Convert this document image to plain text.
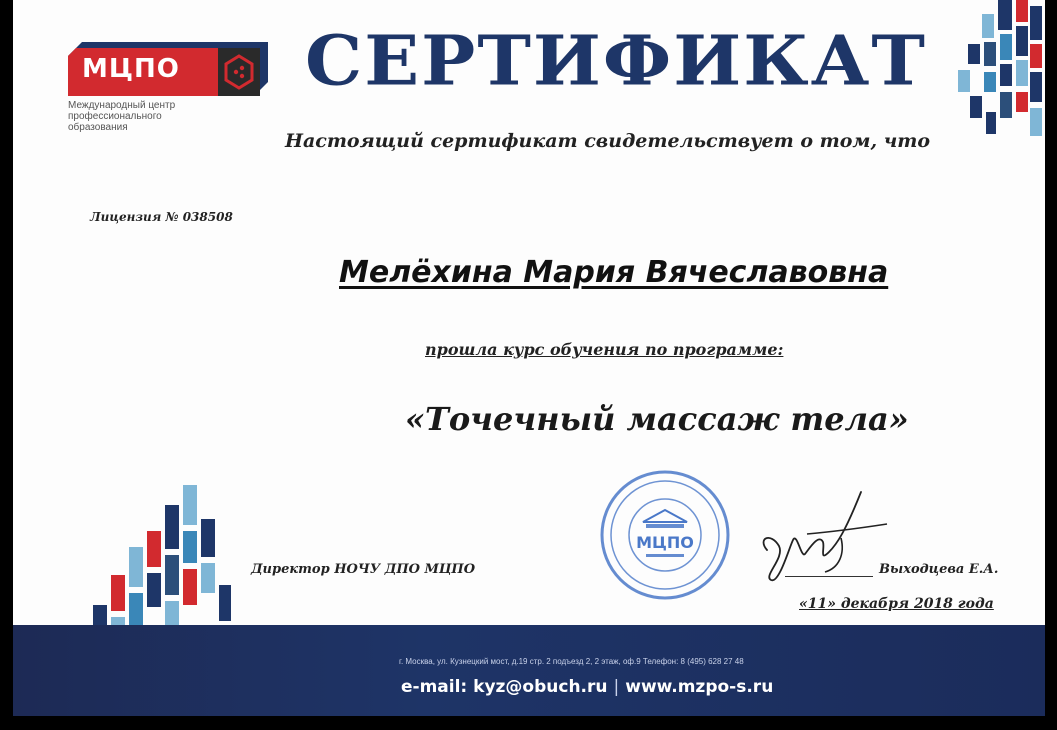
МЦПО
Международный центр
профессионального
образования
СЕРТИФИКАТ
Настоящий сертификат свидетельствует о том, что
Лицензия № 038508
Мелёхина Мария Вячеславовна
прошла курс обучения по программе:
«Точечный массаж тела»
Директор НОЧУ ДПО МЦПО
МЦПО
Выходцева Е.А.
«11» декабря 2018 года
г. Москва, ул. Кузнецкий мост, д.19 стр. 2 подъезд 2, 2 этаж, оф.9 Телефон: 8 (495) 628 27 48
e-mail: kyz@obuch.ru | www.mzpo-s.ru
